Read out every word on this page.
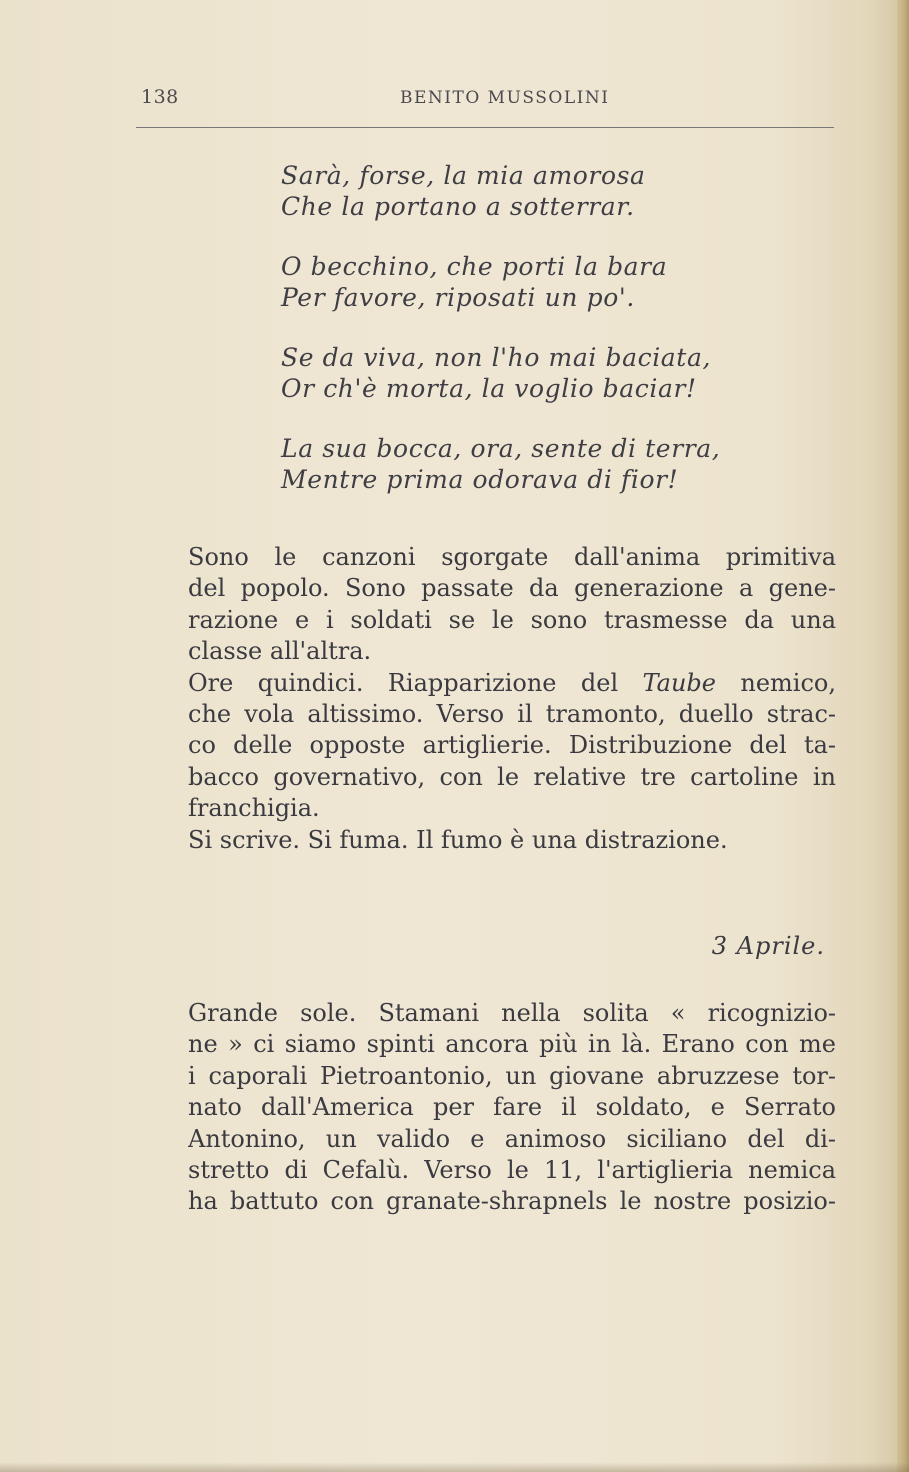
138	BENITO MUSSOLINI
Sarà, forse, la mia amorosa
Che la portano a sotterrar.
O becchino, che porti la bara
Per favore, riposati un po'.
Se da viva, non l'ho mai baciata,
Or ch'è morta, la voglio baciar!
La sua bocca, ora, sente di terra,
Mentre prima odorava di fior!
Sono le canzoni sgorgate dall'anima primitiva
del popolo. Sono passate da generazione a gene-
razione e i soldati se le sono trasmesse da una
classe all'altra.
Ore quindici. Riapparizione del Taube nemico,
che vola altissimo. Verso il tramonto, duello strac-
co delle opposte artiglierie. Distribuzione del ta-
bacco governativo, con le relative tre cartoline in
franchigia.
Si scrive. Si fuma. Il fumo è una distrazione.
3 Aprile.
Grande sole. Stamani nella solita « ricognizio-
ne » ci siamo spinti ancora più in là. Erano con me
i caporali Pietroantonio, un giovane abruzzese tor-
nato dall'America per fare il soldato, e Serrato
Antonino, un valido e animoso siciliano del di-
stretto di Cefalù. Verso le 11, l'artiglieria nemica
ha battuto con granate-shrapnels le nostre posizio-
